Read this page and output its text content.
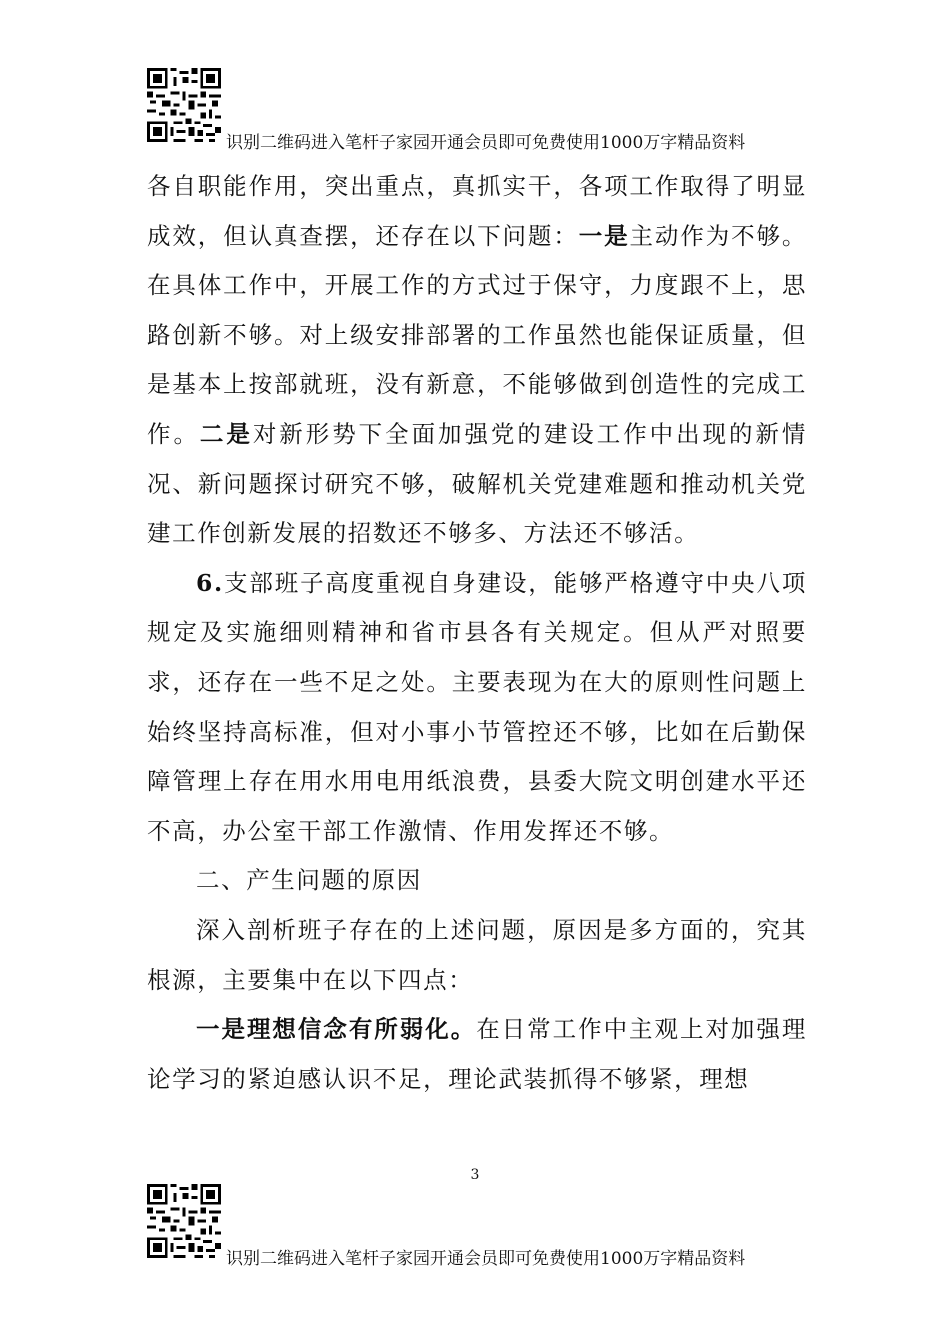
识别二维码进入笔杆子家园开通会员即可免费使用1000万字精品资料

各自职能作用，突出重点，真抓实干，各项工作取得了明显成效，但认真查摆，还存在以下问题：一是主动作为不够。在具体工作中，开展工作的方式过于保守，力度跟不上，思路创新不够。对上级安排部署的工作虽然也能保证质量，但是基本上按部就班，没有新意，不能够做到创造性的完成工作。二是对新形势下全面加强党的建设工作中出现的新情况、新问题探讨研究不够，破解机关党建难题和推动机关党建工作创新发展的招数还不够多、方法还不够活。

6.支部班子高度重视自身建设，能够严格遵守中央八项规定及实施细则精神和省市县各有关规定。但从严对照要求，还存在一些不足之处。主要表现为在大的原则性问题上始终坚持高标准，但对小事小节管控还不够，比如在后勤保障管理上存在用水用电用纸浪费，县委大院文明创建水平还不高，办公室干部工作激情、作用发挥还不够。

二、产生问题的原因

深入剖析班子存在的上述问题，原因是多方面的，究其根源，主要集中在以下四点：

一是理想信念有所弱化。在日常工作中主观上对加强理论学习的紧迫感认识不足，理论武装抓得不够紧，理想

3
识别二维码进入笔杆子家园开通会员即可免费使用1000万字精品资料
